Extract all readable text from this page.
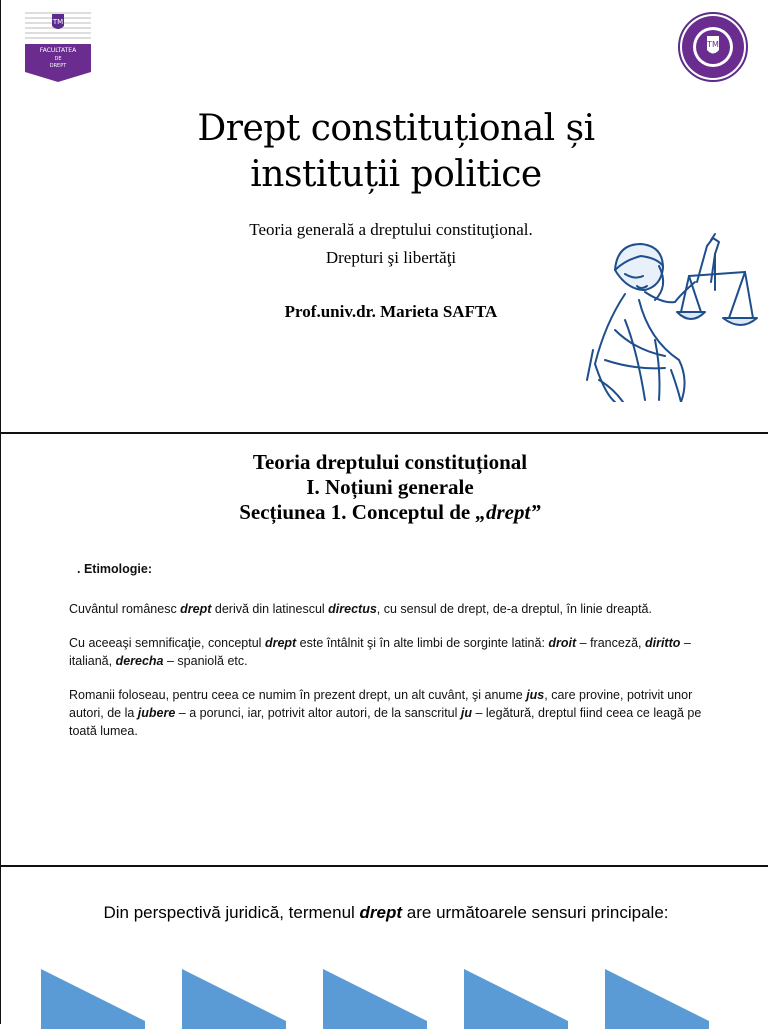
TM
FACULTATEA
DE
DREPT
TM
Drept constituțional și
instituții politice
Teoria generală a dreptului constituţional.
Drepturi şi libertăţi
Prof.univ.dr. Marieta SAFTA
Teoria dreptului constituțional
I. Noțiuni generale
Secțiunea 1. Conceptul de „drept”

. Etimologie:

Cuvântul românesc drept derivă din latinescul directus, cu sensul de drept, de-a dreptul, în linie dreaptă.

Cu aceeaşi semnificaţie, conceptul drept este întâlnit şi în alte limbi de sorginte latină: droit – franceză, diritto – italiană, derecha – spaniolă etc.

Romanii foloseau, pentru ceea ce numim în prezent drept, un alt cuvânt, şi anume jus, care provine, potrivit unor autori, de la jubere – a porunci, iar, potrivit altor autori, de la sanscritul ju – legătură, dreptul fiind ceea ce leagă pe toată lumea.

Din perspectivă juridică, termenul drept are următoarele sensuri principale:
